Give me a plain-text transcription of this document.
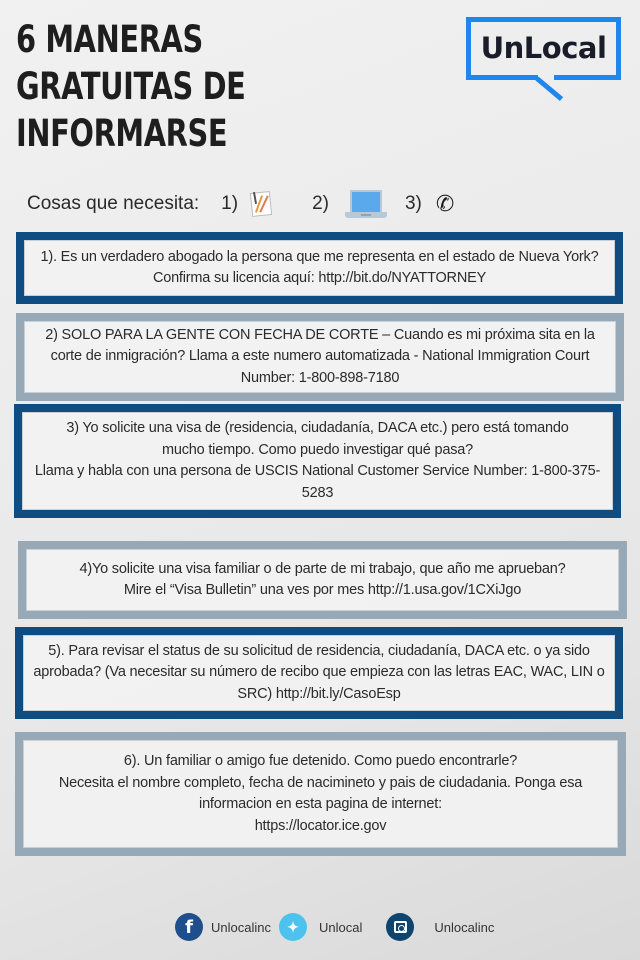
6 MANERAS
GRATUITAS DE
INFORMARSE
UnLocal
Cosas que necesita: 1)	2)	3) ✆
1). Es un verdadero abogado la persona que me representa en el estado de Nueva York? Confirma su licencia aquí: http://bit.do/NYATTORNEY
2) SOLO PARA LA GENTE CON FECHA DE CORTE – Cuando es mi próxima sita en la corte de inmigración? Llama a este numero automatizada - National Immigration Court Number: 1-800-898-7180
3) Yo solicite una visa de (residencia, ciudadanía, DACA etc.) pero está tomando mucho tiempo. Como puedo investigar qué pasa?
Llama y habla con una persona de USCIS National Customer Service Number: 1-800-375-5283
4)Yo solicite una visa familiar o de parte de mi trabajo, que año me aprueban?
Mire el “Visa Bulletin” una ves por mes http://1.usa.gov/1CXiJgo
5). Para revisar el status de su solicitud de residencia, ciudadanía, DACA etc. o ya sido aprobada? (Va necesitar su número de recibo que empieza con las letras EAC, WAC, LIN o SRC) http://bit.ly/CasoEsp
6). Un familiar o amigo fue detenido. Como puedo encontrarle?
Necesita el nombre completo, fecha de nacimineto y pais de ciudadania. Ponga esa informacion en esta pagina de internet:
https://locator.ice.gov
f	Unlocalinc	✦	Unlocal	Unlocalinc
